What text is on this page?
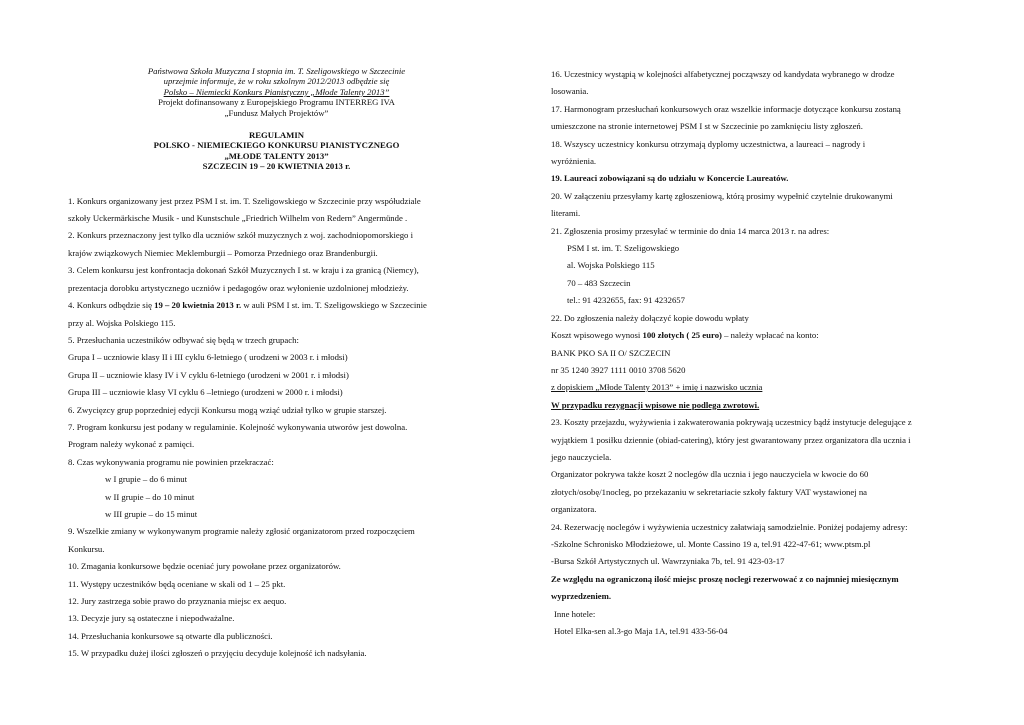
Państwowa Szkoła Muzyczna I stopnia im. T. Szeligowskiego w Szczecinie
uprzejmie informuje, że w roku szkolnym 2012/2013 odbędzie się
Polsko – Niemiecki Konkurs Pianistyczny „Młode Talenty 2013”
Projekt dofinansowany z Europejskiego Programu INTERREG IVA
„Fundusz Małych Projektów”
REGULAMIN
POLSKO - NIEMIECKIEGO KONKURSU PIANISTYCZNEGO
„MŁODE TALENTY 2013”
SZCZECIN 19 – 20 KWIETNIA 2013 r.
1. Konkurs organizowany jest przez PSM I st. im. T. Szeligowskiego w Szczecinie przy współudziale
szkoły Uckermärkische Musik - und Kunstschule „Friedrich Wilhelm von Redern” Angermünde .
2. Konkurs przeznaczony jest tylko dla uczniów szkół muzycznych z woj. zachodniopomorskiego i
krajów związkowych Niemiec Meklemburgii – Pomorza Przedniego oraz Brandenburgii.
3. Celem konkursu jest konfrontacja dokonań Szkół Muzycznych I st. w kraju i za granicą (Niemcy),
prezentacja dorobku artystycznego uczniów i pedagogów oraz wyłonienie uzdolnionej młodzieży.
4. Konkurs odbędzie się 19 – 20 kwietnia 2013 r. w auli PSM I st. im. T. Szeligowskiego w Szczecinie
przy al. Wojska Polskiego 115.
5. Przesłuchania uczestników odbywać się będą w trzech grupach:
Grupa I – uczniowie klasy II i III cyklu 6-letniego ( urodzeni w 2003 r. i młodsi)
Grupa II – uczniowie klasy IV i V cyklu 6-letniego (urodzeni w 2001 r. i młodsi)
Grupa III – uczniowie klasy VI cyklu 6 –letniego (urodzeni w 2000 r. i młodsi)
6. Zwycięzcy grup poprzedniej edycji Konkursu mogą wziąć udział tylko w grupie starszej.
7. Program konkursu jest podany w regulaminie. Kolejność wykonywania utworów jest dowolna.
Program należy wykonać z pamięci.
8. Czas wykonywania programu nie powinien przekraczać:
w I grupie – do 6 minut
w II grupie – do 10 minut
w III grupie – do 15 minut
9. Wszelkie zmiany w wykonywanym programie należy zgłosić organizatorom przed rozpoczęciem
Konkursu.
10. Zmagania konkursowe będzie oceniać jury powołane przez organizatorów.
11. Występy uczestników będą oceniane w skali od 1 – 25 pkt.
12. Jury zastrzega sobie prawo do przyznania miejsc ex aequo.
13. Decyzje jury są ostateczne i niepodważalne.
14. Przesłuchania konkursowe są otwarte dla publiczności.
15. W przypadku dużej ilości zgłoszeń o przyjęciu decyduje kolejność ich nadsyłania.
16. Uczestnicy wystąpią w kolejności alfabetycznej począwszy od kandydata wybranego w drodze
losowania.
17. Harmonogram przesłuchań konkursowych oraz wszelkie informacje dotyczące konkursu zostaną
umieszczone na stronie internetowej PSM I st w Szczecinie po zamknięciu listy zgłoszeń.
18. Wszyscy uczestnicy konkursu otrzymają dyplomy uczestnictwa, a laureaci – nagrody i
wyróżnienia.
19. Laureaci zobowiązani są do udziału w Koncercie Laureatów.
20. W załączeniu przesyłamy kartę zgłoszeniową, którą prosimy wypełnić czytelnie drukowanymi
literami.
21. Zgłoszenia prosimy przesyłać w terminie do dnia 14 marca 2013 r. na adres:
PSM I st. im. T. Szeligowskiego
al. Wojska Polskiego 115
70 – 483 Szczecin
tel.: 91 4232655, fax: 91 4232657
22. Do zgłoszenia należy dołączyć kopie dowodu wpłaty
Koszt wpisowego wynosi 100 złotych ( 25 euro) – należy wpłacać na konto:
BANK PKO SA II O/ SZCZECIN
nr 35 1240 3927 1111 0010 3708 5620
z dopiskiem „Młode Talenty 2013” + imię i nazwisko ucznia
W przypadku rezygnacji wpisowe nie podlega zwrotowi.
23. Koszty przejazdu, wyżywienia i zakwaterowania pokrywają uczestnicy bądź instytucje delegujące z
wyjątkiem 1 posiłku dziennie (obiad-catering), który jest gwarantowany przez organizatora dla ucznia i
jego nauczyciela.
Organizator pokrywa także koszt 2 noclegów dla ucznia i jego nauczyciela w kwocie do 60
złotych/osobę/1nocleg, po przekazaniu w sekretariacie szkoły faktury VAT wystawionej na
organizatora.
24. Rezerwację noclegów i wyżywienia uczestnicy załatwiają samodzielnie. Poniżej podajemy adresy:
-Szkolne Schronisko Młodzieżowe, ul. Monte Cassino 19 a, tel.91 422-47-61; www.ptsm.pl
-Bursa Szkół Artystycznych ul. Wawrzyniaka 7b, tel. 91 423-03-17
Ze względu na ograniczoną ilość miejsc proszę noclegi rezerwować z co najmniej miesięcznym
wyprzedzeniem.
Inne hotele:
Hotel Elka-sen al.3-go Maja 1A, tel.91 433-56-04
